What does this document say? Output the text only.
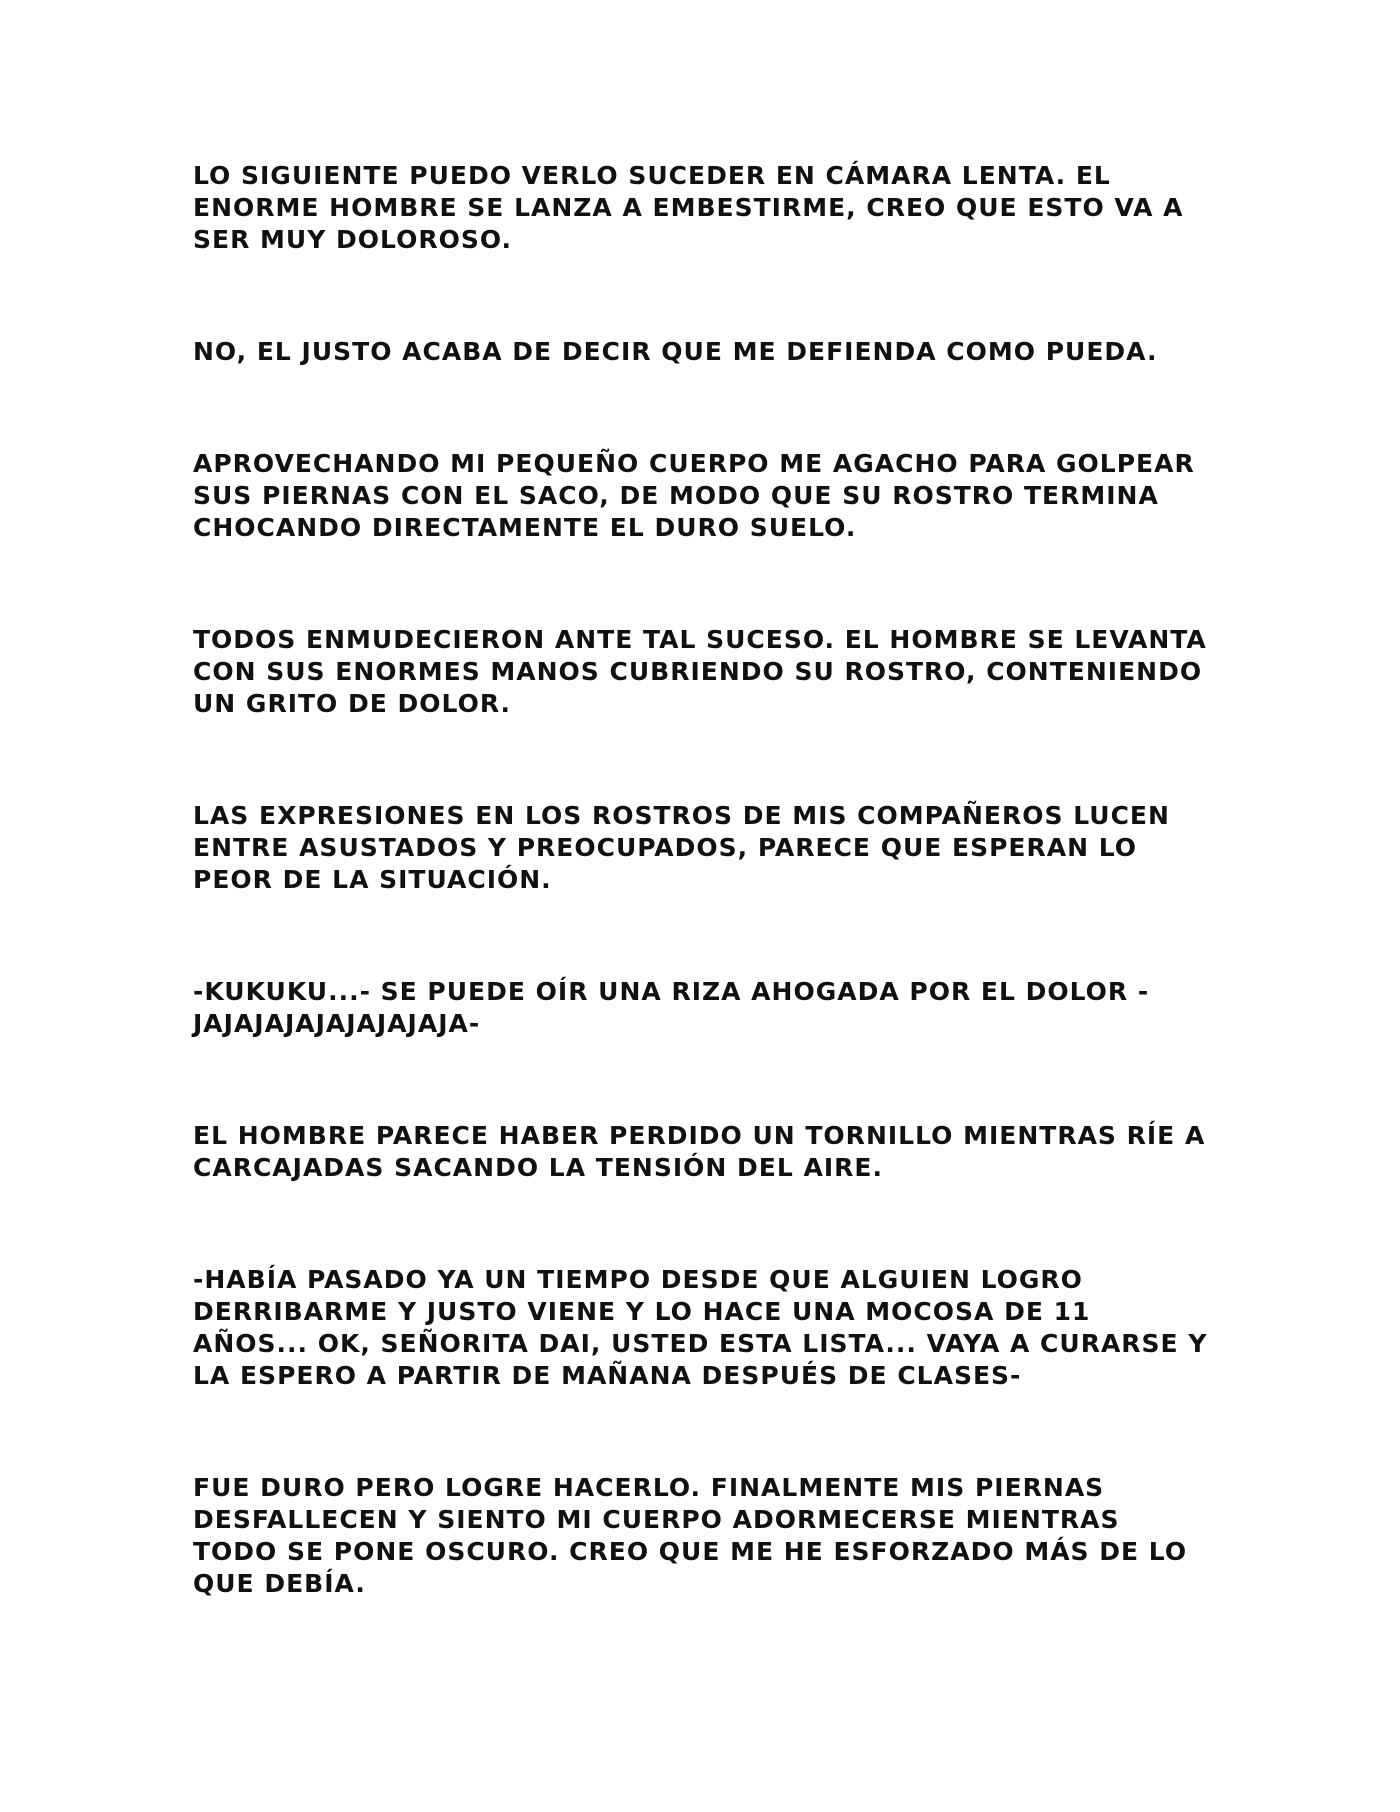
LO SIGUIENTE PUEDO VERLO SUCEDER EN CÁMARA LENTA. EL ENORME HOMBRE SE LANZA A EMBESTIRME, CREO QUE ESTO VA A SER MUY DOLOROSO.

NO, EL JUSTO ACABA DE DECIR QUE ME DEFIENDA COMO PUEDA.

APROVECHANDO MI PEQUEÑO CUERPO ME AGACHO PARA GOLPEAR SUS PIERNAS CON EL SACO, DE MODO QUE SU ROSTRO TERMINA CHOCANDO DIRECTAMENTE EL DURO SUELO.

TODOS ENMUDECIERON ANTE TAL SUCESO. EL HOMBRE SE LEVANTA CON SUS ENORMES MANOS CUBRIENDO SU ROSTRO, CONTENIENDO UN GRITO DE DOLOR.

LAS EXPRESIONES EN LOS ROSTROS DE MIS COMPAÑEROS LUCEN ENTRE ASUSTADOS Y PREOCUPADOS, PARECE QUE ESPERAN LO PEOR DE LA SITUACIÓN.

-KUKUKU...- SE PUEDE OÍR UNA RIZA AHOGADA POR EL DOLOR -JAJAJAJAJAJAJAJAJA-

EL HOMBRE PARECE HABER PERDIDO UN TORNILLO MIENTRAS RÍE A CARCAJADAS SACANDO LA TENSIÓN DEL AIRE.

-HABÍA PASADO YA UN TIEMPO DESDE QUE ALGUIEN LOGRO DERRIBARME Y JUSTO VIENE Y LO HACE UNA MOCOSA DE 11 AÑOS... OK, SEÑORITA DAI, USTED ESTA LISTA... VAYA A CURARSE Y LA ESPERO A PARTIR DE MAÑANA DESPUÉS DE CLASES-

FUE DURO PERO LOGRE HACERLO. FINALMENTE MIS PIERNAS DESFALLECEN Y SIENTO MI CUERPO ADORMECERSE MIENTRAS TODO SE PONE OSCURO. CREO QUE ME HE ESFORZADO MÁS DE LO QUE DEBÍA.
